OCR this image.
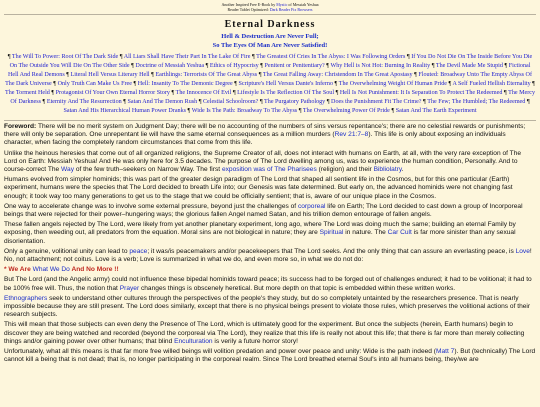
Another Inspired Free E-Book by Mystic of Messiah Yeshua
Reader Tablet Optimized: Dark Reader Fix Browsers
Eternal Darkness
Hell & Destruction Are Never Full;
So The Eyes Of Man Are Never Satisfied!
¶ The Will To Power: Root Of The Dark Side ¶ All Liars Shall Have Their Part In The Lake Of Fire ¶ The Greatest Of Cries In The Abyss: I Was Following Orders ¶ If You Do Not Die On The Inside Before You Die On The Outside You Will Die On The Other Side ¶ Doctrine of Messiah Yeshua ¶ Ethics of Hypocrisy ¶ Penitent or Penitentiary? ¶ Why Hell is Not Hot: Burning In Reality ¶ The Devil Made Me Stupid ¶ Fictional Hell And Real Demons ¶ Literal Hell Versus Literary Hell ¶ Earthlings: Terrorists Of The Great Abyss ¶ The Great Falling Away: Christendom In The Great Apostasy ¶ Flouted: Broadway Unto The Empty Abyss Of The Dark Universe ¶ Only Truth Can Make Us Free ¶ Hell: Insanity To The Demonic Degree ¶ Scripture's Hell Versus Dante's Inferno ¶ The Overwhelming Weight Of Human Pride ¶ A Self Fueled Hellish Eternality ¶ The Torment Held ¶ Protagonist Of Your Own Eternal Horror Story ¶ The Innocence Of Evil ¶ Lifestyle Is The Reflection Of The Soul ¶ Hell Is Not Punishment: It Is Separation To Protect The Redeemed ¶ The Mercy Of Darkness ¶ Eternity And The Resurrection ¶ Satan And The Demon Rush ¶ Celestial Schoolroom? ¶ The Purgatory Pathology ¶ Does the Punishment Fit The Crime? ¶ The Few; The Humbled; The Redeemed ¶ Satan And His Hierarchical Human Power Dranks ¶ Wide Is The Path: Broadway To The Abyss ¶ The Overwhelming Power Of Pride ¶ Satan And The Earth Experiment

Foreword: There will be no merit system on Judgment Day; there will be no accounting of the numbers of sins versus repentance's; there are no celestial rewards or punishments; there will only be separation. One unrepentant lie will have the same eternal consequences as a million murders (Rev 21:7–8). This life is only about exposing an individuals character, when facing the completely random circumstances that come from this life.

Unlike the heinous heresies that come out of all organized religions, the Supreme Creator of all, does not interact with humans on Earth, at all, with the very rare exception of The Lord on Earth: Messiah Yeshua! And He was only here for 3.5 decades. The purpose of The Lord dwelling among us, was to experience the human condition, Personally. And to course-correct The Way of the few truth–seekers on Narrow Way. The first exposition was of The Pharisees (religion) and their Bibliolatry.

Humans evolved from simpler hominids; this was part of the greater design paradigm of The Lord that shaped all sentient life in the Cosmos, but for this one particular (Earth) experiment, humans were the species that The Lord decided to breath Life into; our Genesis was fate determined. But early on, the advanced hominids were not changing fast enough; it took way too many generations to get us to the stage that we could be officially sentient; that is, aware of our unique place in the Cosmos.

One way to accelerate change was to involve some external pressure, beyond just the challenges of corporeal life on Earth; The Lord decided to cast down a group of Incorporeal beings that were rejected for their power–hungering ways; the glorious fallen Angel named Satan, and his trillion demon entourage of fallen angels.

These fallen angels rejected by The Lord, were likely from yet another planetary experiment, long ago, where The Lord was doing much the same; building an eternal Family by exposing, then weeding out, all predators from the equation. Moral sins are not biological in nature; they are Spiritual in nature. The Car Cult is far more sinister than any sexual disorientation.

Only a genuine, volitional unity can lead to peace; it was/is peacemakers and/or peacekeepers that The Lord seeks. And the only thing that can assure an everlasting peace, is Love! No, not attachment; not coitus. Love is a verb; Love is summarized in what we do, and even more so, in what we do not do:

* We Are What We Do And No More !!

But The Lord (and the Angelic army) could not influence these bipedal hominids toward peace; its success had to be forged out of challenges endured; it had to be volitional; it had to be 100% free will. Thus, the notion that Prayer changes things is obscenely heretical. But more depth on that topic is embedded within these written works.

Ethnographers seek to understand other cultures through the perspectives of the people's they study, but do so completely untainted by the researchers presence. That is nearly impossible because they are still present. The Lord does similarly, except that there is no physical beings present to violate those rules, which preserves the volitional actions of their research subjects.

This will mean that those subjects can even deny the Presence of The Lord, which is ultimately good for the experiment. But once the subjects (herein, Earth humans) begin to discover they are being watched and recorded (beyond the corporeal via The Lord), they realize that this life is really not about this life; that there is far more than merely collecting things and/or gaining power over other humans; that blind Enculturation is verily a future horror story!

Unfortunately, what all this means is that far more free willed beings will volition predation and power over peace and unity: Wide is the path indeed (Matt 7). But (technically) The Lord cannot kill a being that is not dead; that is, no longer participating in the corporeal realm. Since The Lord breathed eternal Soul's into all humans being, they/we are
